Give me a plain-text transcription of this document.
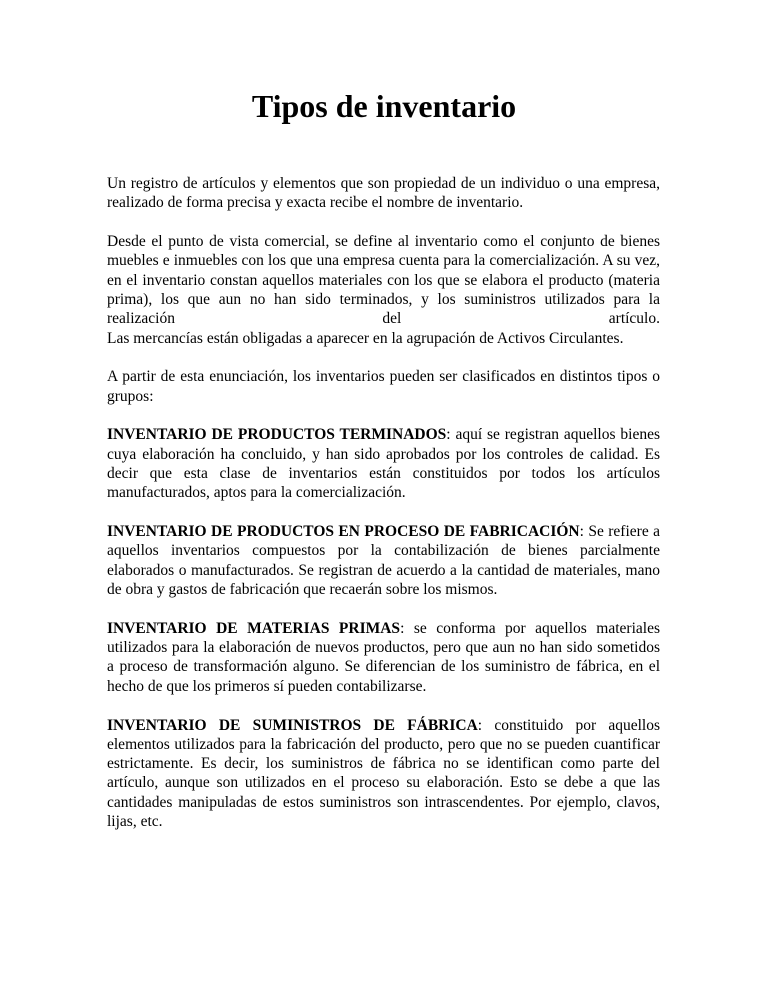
Tipos de inventario

Un registro de artículos y elementos que son propiedad de un individuo o una empresa, realizado de forma precisa y exacta recibe el nombre de inventario.

Desde el punto de vista comercial, se define al inventario como el conjunto de bienes muebles e inmuebles con los que una empresa cuenta para la comercialización. A su vez, en el inventario constan aquellos materiales con los que se elabora el producto (materia prima), los que aun no han sido terminados, y los suministros utilizados para la realización del artículo.
Las mercancías están obligadas a aparecer en la agrupación de Activos Circulantes.

A partir de esta enunciación, los inventarios pueden ser clasificados en distintos tipos o grupos:

INVENTARIO DE PRODUCTOS TERMINADOS: aquí se registran aquellos bienes cuya elaboración ha concluido, y han sido aprobados por los controles de calidad. Es decir que esta clase de inventarios están constituidos por todos los artículos manufacturados, aptos para la comercialización.

INVENTARIO DE PRODUCTOS EN PROCESO DE FABRICACIÓN: Se refiere a aquellos inventarios compuestos por la contabilización de bienes parcialmente elaborados o manufacturados. Se registran de acuerdo a la cantidad de materiales, mano de obra y gastos de fabricación que recaerán sobre los mismos.

INVENTARIO DE MATERIAS PRIMAS: se conforma por aquellos materiales utilizados para la elaboración de nuevos productos, pero que aun no han sido sometidos a proceso de transformación alguno. Se diferencian de los suministro de fábrica, en el hecho de que los primeros sí pueden contabilizarse.

INVENTARIO DE SUMINISTROS DE FÁBRICA: constituido por aquellos elementos utilizados para la fabricación del producto, pero que no se pueden cuantificar estrictamente. Es decir, los suministros de fábrica no se identifican como parte del artículo, aunque son utilizados en el proceso su elaboración. Esto se debe a que las cantidades manipuladas de estos suministros son intrascendentes. Por ejemplo, clavos, lijas, etc.
